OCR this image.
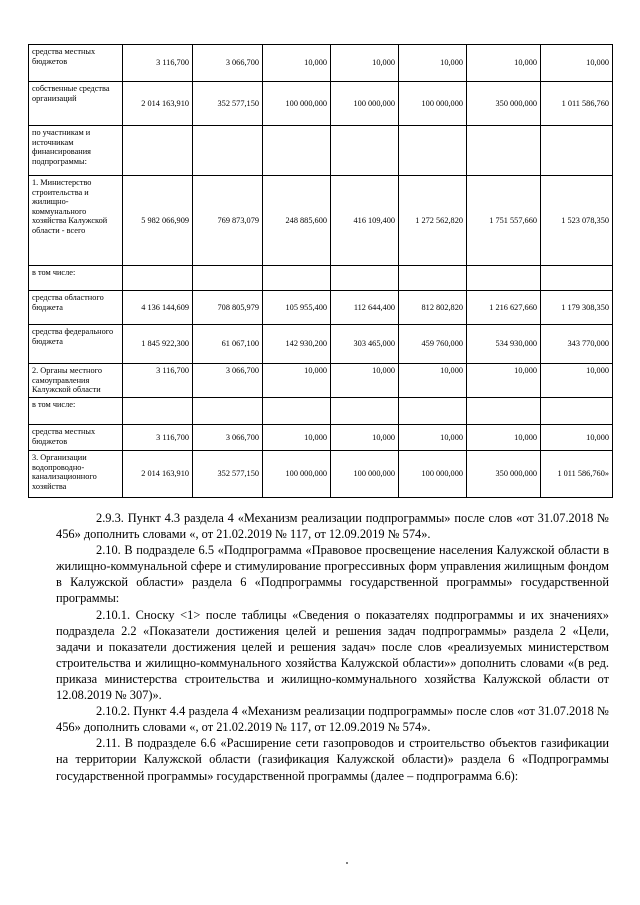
средства местных бюджетов	3 116,700	3 066,700	10,000	10,000	10,000	10,000	10,000
собственные средства организаций	2 014 163,910	352 577,150	100 000,000	100 000,000	100 000,000	350 000,000	1 011 586,760
по участникам и источникам финансирования подпрограммы:							
1. Министерство строительства и жилищно-коммунального хозяйства Калужской области - всего	5 982 066,909	769 873,079	248 885,600	416 109,400	1 272 562,820	1 751 557,660	1 523 078,350
в том числе:							
средства областного бюджета	4 136 144,609	708 805,979	105 955,400	112 644,400	812 802,820	1 216 627,660	1 179 308,350
средства федерального бюджета	1 845 922,300	61 067,100	142 930,200	303 465,000	459 760,000	534 930,000	343 770,000
2. Органы местного самоуправления Калужской области	3 116,700	3 066,700	10,000	10,000	10,000	10,000	10,000
в том числе:							
средства местных бюджетов	3 116,700	3 066,700	10,000	10,000	10,000	10,000	10,000
3. Организации водопроводно-канализационного хозяйства	2 014 163,910	352 577,150	100 000,000	100 000,000	100 000,000	350 000,000	1 011 586,760»

2.9.3. Пункт 4.3 раздела 4 «Механизм реализации подпрограммы» после слов «от 31.07.2018 № 456» дополнить словами «, от 21.02.2019 № 117, от 12.09.2019 № 574».

2.10. В подразделе 6.5 «Подпрограмма «Правовое просвещение населения Калужской области в жилищно-коммунальной сфере и стимулирование прогрессивных форм управления жилищным фондом в Калужской области» раздела 6 «Подпрограммы государственной программы» государственной программы:

2.10.1. Сноску <1> после таблицы «Сведения о показателях подпрограммы и их значениях» подраздела 2.2 «Показатели достижения целей и решения задач подпрограммы» раздела 2 «Цели, задачи и показатели достижения целей и решения задач» после слов «реализуемых министерством строительства и жилищно-коммунального хозяйства Калужской области»» дополнить словами «(в ред. приказа министерства строительства и жилищно-коммунального хозяйства Калужской области от 12.08.2019 № 307)».

2.10.2. Пункт 4.4 раздела 4 «Механизм реализации подпрограммы» после слов «от 31.07.2018 № 456» дополнить словами «, от 21.02.2019 № 117, от 12.09.2019 № 574».

2.11. В подразделе 6.6 «Расширение сети газопроводов и строительство объектов газификации на территории Калужской области (газификация Калужской области)» раздела 6 «Подпрограммы государственной программы» государственной программы (далее – подпрограмма 6.6):
